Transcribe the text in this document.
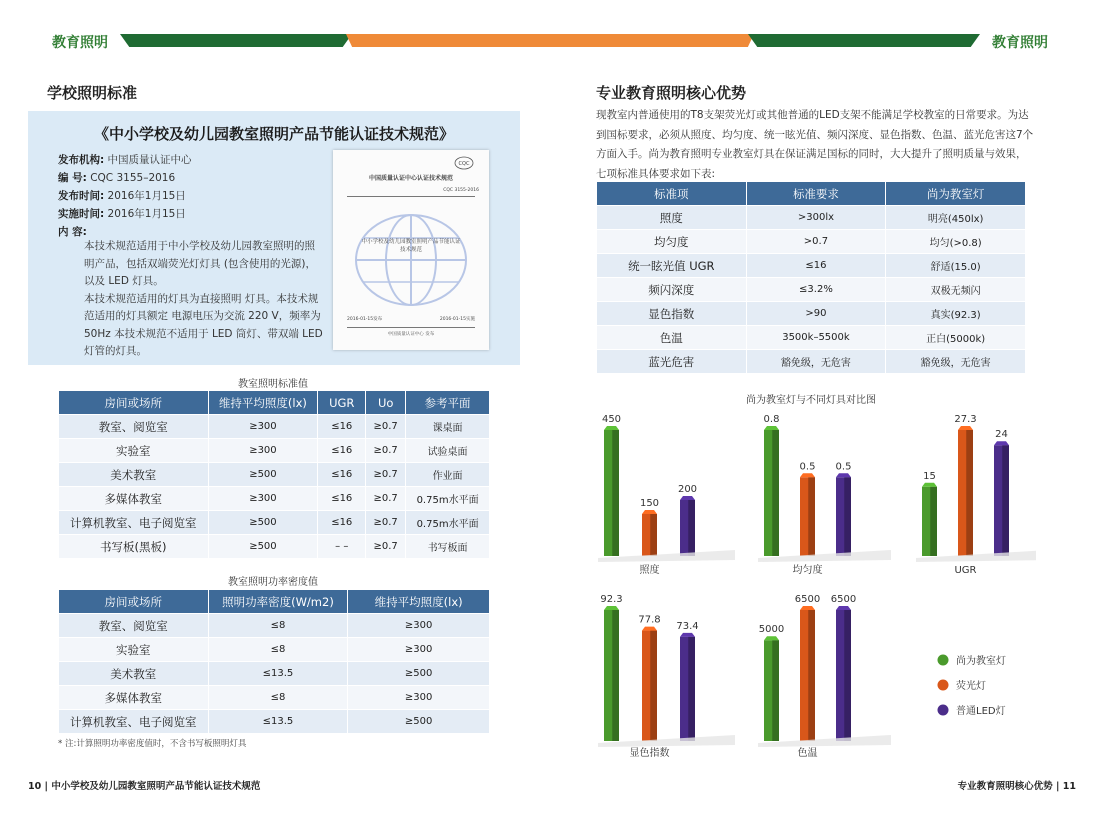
教育照明	教育照明
学校照明标准
《中小学校及幼儿园教室照明产品节能认证技术规范》
发布机构: 中国质量认证中心
编 号: CQC 3155–2016
发布时间: 2016年1月15日
实施时间: 2016年1月15日
内 容:

本技术规范适用于中小学校及幼儿园教室照明的照明产品，包括双端荧光灯灯具 (包含使用的光源)，以及 LED 灯具。

本技术规范适用的灯具为直接照明 灯具。本技术规范适用的灯具额定 电源电压为交流 220 V，频率为 50Hz 本技术规范不适用于 LED 筒灯、带双端 LED 灯管的灯具。

CQC
中国质量认证中心认证技术规范
CQC 3155-2016
中小学校及幼儿园教室照明产品节能认证技术规范
2016-01-15发布	2016-01-15实施
中国质量认证中心 发布
教室照明标准值
房间或场所	维持平均照度(lx)	UGR	Uo	参考平面
教室、阅览室	≥300	≤16	≥0.7	课桌面
实验室	≥300	≤16	≥0.7	试验桌面
美术教室	≥500	≤16	≥0.7	作业面
多媒体教室	≥300	≤16	≥0.7	0.75m水平面
计算机教室、电子阅览室	≥500	≤16	≥0.7	0.75m水平面
书写板(黑板)	≥500	– –	≥0.7	书写板面
教室照明功率密度值
房间或场所	照明功率密度(W/m2)	维持平均照度(lx)
教室、阅览室	≤8	≥300
实验室	≤8	≥300
美术教室	≤13.5	≥500
多媒体教室	≤8	≥300
计算机教室、电子阅览室	≤13.5	≥500
* 注:计算照明功率密度值时，不含书写板照明灯具
专业教育照明核心优势
现教室内普通使用的T8支架荧光灯或其他普通的LED支架不能满足学校教室的日常要求。为达到国标要求，必须从照度、均匀度、统一眩光值、频闪深度、显色指数、色温、蓝光危害这7个方面入手。尚为教育照明专业教室灯具在保证满足国标的同时，大大提升了照明质量与效果，七项标准具体要求如下表:
标准项	标准要求	尚为教室灯
照度	>300lx	明亮(450lx)
均匀度	>0.7	均匀(>0.8)
统一眩光值 UGR	≤16	舒适(15.0)
频闪深度	≤3.2%	双极无频闪
显色指数	>90	真实(92.3)
色温	3500k–5500k	正白(5000k)
蓝光危害	豁免级，无危害	豁免级，无危害
尚为教室灯与不同灯具对比图
450
150
200
照度
0.8
0.5 0.5
均匀度
15
27.3
24
UGR
92.3
77.8
73.4
显色指数
5000
6500 6500
色温
尚为教室灯
荧光灯
普通LED灯
10 | 中小学校及幼儿园教室照明产品节能认证技术规范	专业教育照明核心优势 | 11
